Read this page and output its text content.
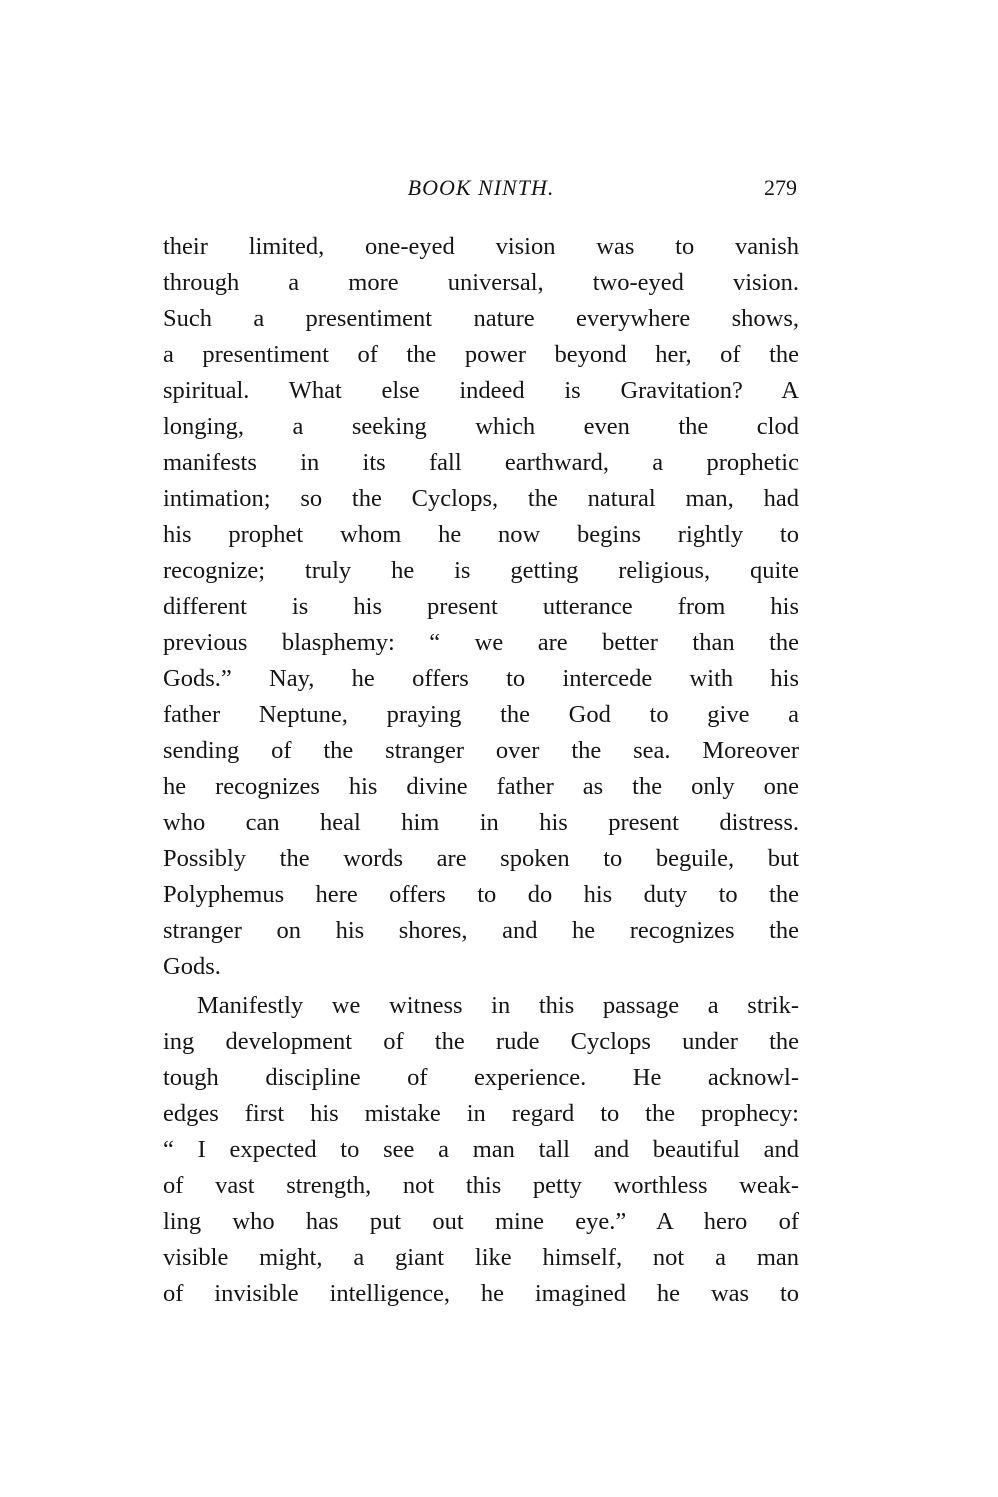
BOOK NINTH.	279
their limited, one-eyed vision was to vanish
through a more universal, two-eyed vision.
Such a presentiment nature everywhere shows,
a presentiment of the power beyond her, of the
spiritual. What else indeed is Gravitation? A
longing, a seeking which even the clod
manifests in its fall earthward, a prophetic
intimation; so the Cyclops, the natural man, had
his prophet whom he now begins rightly to
recognize; truly he is getting religious, quite
different is his present utterance from his
previous blasphemy: “ we are better than the
Gods.” Nay, he offers to intercede with his
father Neptune, praying the God to give a
sending of the stranger over the sea. Moreover
he recognizes his divine father as the only one
who can heal him in his present distress.
Possibly the words are spoken to beguile, but
Polyphemus here offers to do his duty to the
stranger on his shores, and he recognizes the
Gods.
Manifestly we witness in this passage a strik-
ing development of the rude Cyclops under the
tough discipline of experience. He acknowl-
edges first his mistake in regard to the prophecy:
“ I expected to see a man tall and beautiful and
of vast strength, not this petty worthless weak-
ling who has put out mine eye.” A hero of
visible might, a giant like himself, not a man
of invisible intelligence, he imagined he was to
